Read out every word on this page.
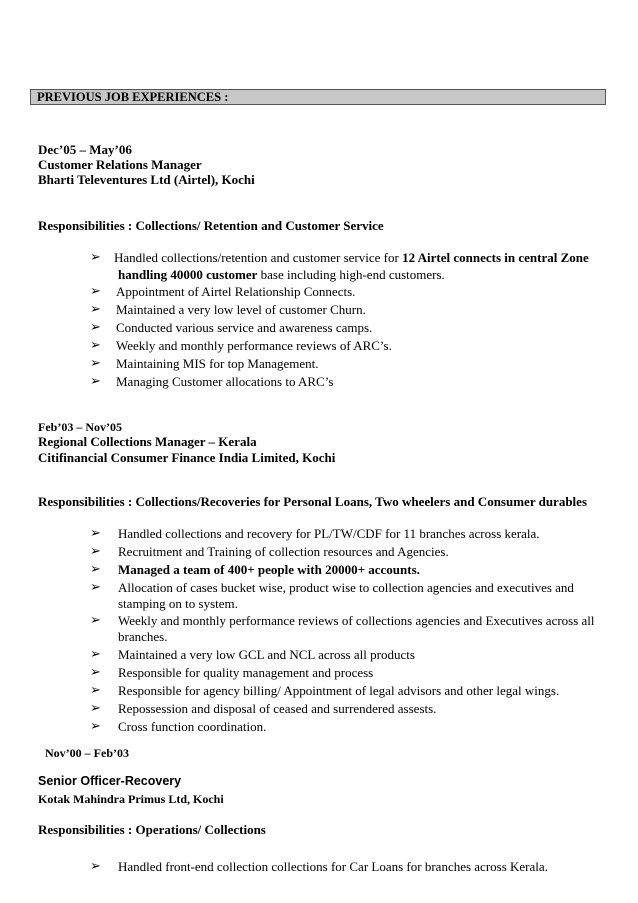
PREVIOUS JOB EXPERIENCES :
Dec’05 – May’06
Customer Relations Manager
Bharti Televentures Ltd (Airtel), Kochi
Responsibilities : Collections/ Retention and Customer Service
➢ Handled collections/retention and customer service for 12 Airtel connects in central Zone
handling 40000 customer base including high-end customers.
➢ Appointment of Airtel Relationship Connects.
➢ Maintained a very low level of customer Churn.
➢ Conducted various service and awareness camps.
➢ Weekly and monthly performance reviews of ARC’s.
➢ Maintaining MIS for top Management.
➢ Managing Customer allocations to ARC’s
Feb’03 – Nov’05
Regional Collections Manager – Kerala
Citifinancial Consumer Finance India Limited, Kochi
Responsibilities : Collections/Recoveries for Personal Loans, Two wheelers and Consumer durables
➢ Handled collections and recovery for PL/TW/CDF for 11 branches across kerala.
➢ Recruitment and Training of collection resources and Agencies.
➢ Managed a team of 400+ people with 20000+ accounts.
➢ Allocation of cases bucket wise, product wise to collection agencies and executives and
stamping on to system.
➢ Weekly and monthly performance reviews of collections agencies and Executives across all
branches.
➢ Maintained a very low GCL and NCL across all products
➢ Responsible for quality management and process
➢ Responsible for agency billing/ Appointment of legal advisors and other legal wings.
➢ Repossession and disposal of ceased and surrendered assests.
➢ Cross function coordination.
Nov’00 – Feb’03
Senior Officer-Recovery
Kotak Mahindra Primus Ltd, Kochi
Responsibilities : Operations/ Collections
➢ Handled front-end collection collections for Car Loans for branches across Kerala.
